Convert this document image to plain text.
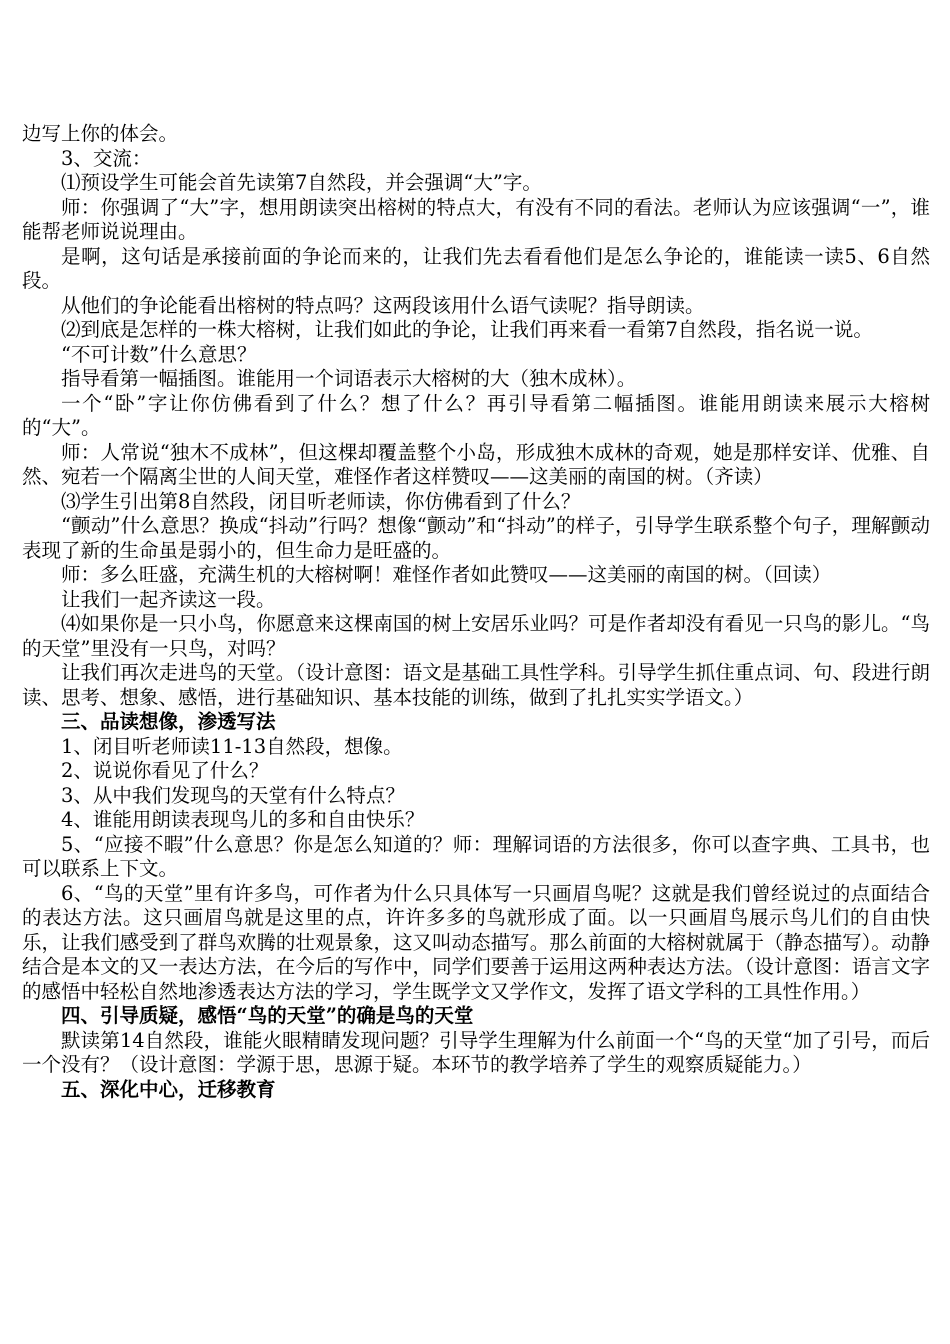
边写上你的体会。

3、交流：

⑴预设学生可能会首先读第7自然段，并会强调“大”字。

师：你强调了“大”字，想用朗读突出榕树的特点大，有没有不同的看法。老师认为应该强调“一”，谁能帮老师说说理由。

是啊，这句话是承接前面的争论而来的，让我们先去看看他们是怎么争论的，谁能读一读5、6自然段。

从他们的争论能看出榕树的特点吗？这两段该用什么语气读呢？指导朗读。

⑵到底是怎样的一株大榕树，让我们如此的争论，让我们再来看一看第7自然段，指名说一说。

“不可计数”什么意思？

指导看第一幅插图。谁能用一个词语表示大榕树的大（独木成林）。

一个“卧”字让你仿佛看到了什么？想了什么？再引导看第二幅插图。谁能用朗读来展示大榕树的“大”。

师：人常说“独木不成林”，但这棵却覆盖整个小岛，形成独木成林的奇观，她是那样安详、优雅、自然、宛若一个隔离尘世的人间天堂，难怪作者这样赞叹——这美丽的南国的树。（齐读）

⑶学生引出第8自然段，闭目听老师读，你仿佛看到了什么？

“颤动”什么意思？换成“抖动”行吗？想像“颤动”和“抖动”的样子，引导学生联系整个句子，理解颤动表现了新的生命虽是弱小的，但生命力是旺盛的。

师：多么旺盛，充满生机的大榕树啊！难怪作者如此赞叹——这美丽的南国的树。（回读）

让我们一起齐读这一段。

⑷如果你是一只小鸟，你愿意来这棵南国的树上安居乐业吗？可是作者却没有看见一只鸟的影儿。“鸟的天堂”里没有一只鸟，对吗？

让我们再次走进鸟的天堂。（设计意图：语文是基础工具性学科。引导学生抓住重点词、句、段进行朗读、思考、想象、感悟，进行基础知识、基本技能的训练，做到了扎扎实实学语文。）

三、品读想像，渗透写法

1、闭目听老师读11-13自然段，想像。

2、说说你看见了什么？

3、从中我们发现鸟的天堂有什么特点？

4、谁能用朗读表现鸟儿的多和自由快乐？

5、“应接不暇”什么意思？你是怎么知道的？师：理解词语的方法很多，你可以查字典、工具书，也可以联系上下文。

6、“鸟的天堂”里有许多鸟，可作者为什么只具体写一只画眉鸟呢？这就是我们曾经说过的点面结合的表达方法。这只画眉鸟就是这里的点，许许多多的鸟就形成了面。以一只画眉鸟展示鸟儿们的自由快乐，让我们感受到了群鸟欢腾的壮观景象，这又叫动态描写。那么前面的大榕树就属于（静态描写）。动静结合是本文的又一表达方法，在今后的写作中，同学们要善于运用这两种表达方法。（设计意图：语言文字的感悟中轻松自然地渗透表达方法的学习，学生既学文又学作文，发挥了语文学科的工具性作用。）

四、引导质疑，感悟“鸟的天堂”的确是鸟的天堂

默读第14自然段，谁能火眼精睛发现问题？引导学生理解为什么前面一个“鸟的天堂“加了引号，而后一个没有？（设计意图：学源于思，思源于疑。本环节的教学培养了学生的观察质疑能力。）

五、深化中心，迁移教育
